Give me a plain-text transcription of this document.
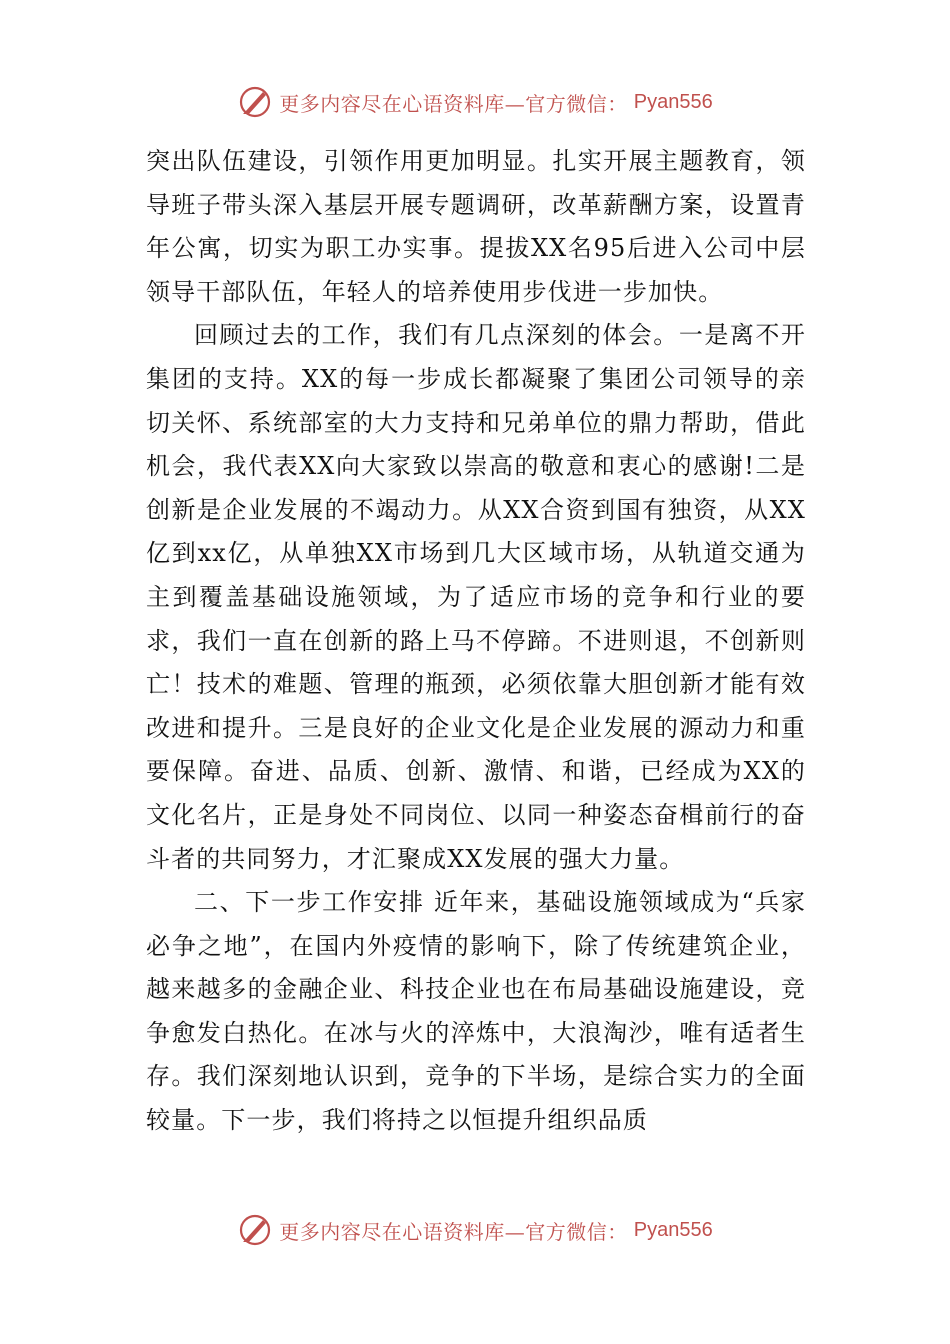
更多内容尽在心语资料库—官方微信： Pyan556

突出队伍建设，引领作用更加明显。扎实开展主题教育，领导班子带头深入基层开展专题调研，改革薪酬方案，设置青年公寓，切实为职工办实事。提拔XX名95后进入公司中层领导干部队伍，年轻人的培养使用步伐进一步加快。

回顾过去的工作，我们有几点深刻的体会。一是离不开集团的支持。XX的每一步成长都凝聚了集团公司领导的亲切关怀、系统部室的大力支持和兄弟单位的鼎力帮助，借此机会，我代表XX向大家致以崇高的敬意和衷心的感谢!二是创新是企业发展的不竭动力。从XX合资到国有独资，从XX亿到xx亿，从单独XX市场到几大区域市场，从轨道交通为主到覆盖基础设施领域，为了适应市场的竞争和行业的要求，我们一直在创新的路上马不停蹄。不进则退，不创新则亡！技术的难题、管理的瓶颈，必须依靠大胆创新才能有效改进和提升。三是良好的企业文化是企业发展的源动力和重要保障。奋进、品质、创新、激情、和谐，已经成为XX的文化名片，正是身处不同岗位、以同一种姿态奋楫前行的奋斗者的共同努力，才汇聚成XX发展的强大力量。

二、下一步工作安排 近年来，基础设施领域成为“兵家必争之地”，在国内外疫情的影响下，除了传统建筑企业，越来越多的金融企业、科技企业也在布局基础设施建设，竞争愈发白热化。在冰与火的淬炼中，大浪淘沙，唯有适者生存。我们深刻地认识到，竞争的下半场，是综合实力的全面较量。下一步，我们将持之以恒提升组织品质

更多内容尽在心语资料库—官方微信： Pyan556
